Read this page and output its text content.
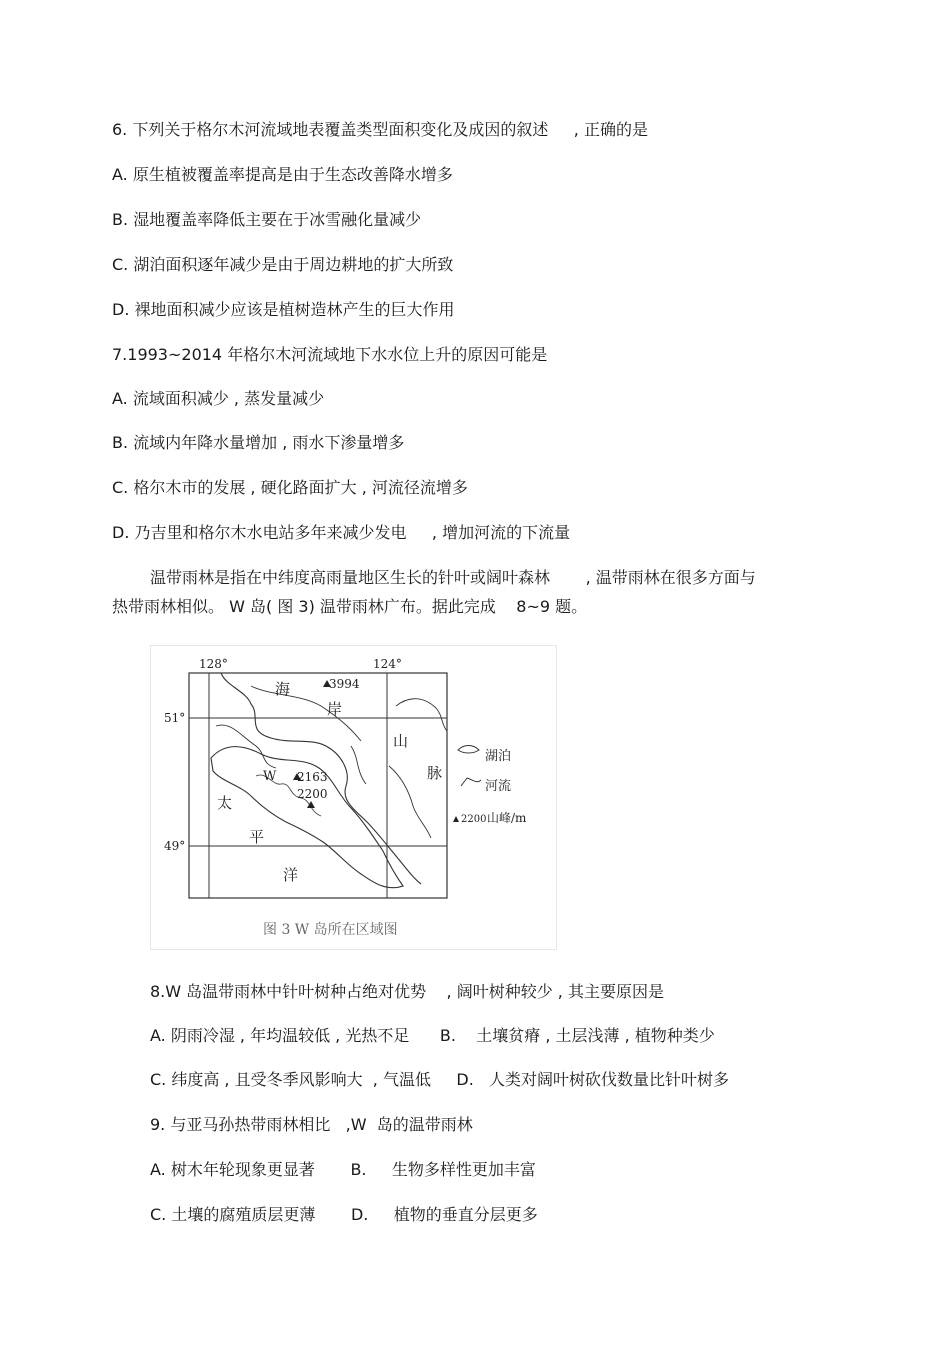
6. 下列关于格尔木河流域地表覆盖类型面积变化及成因的叙述     , 正确的是
A. 原生植被覆盖率提高是由于生态改善降水增多
B. 湿地覆盖率降低主要在于冰雪融化量减少
C. 湖泊面积逐年减少是由于周边耕地的扩大所致
D. 裸地面积减少应该是植树造林产生的巨大作用
7.1993~2014 年格尔木河流域地下水水位上升的原因可能是
A. 流域面积减少 , 蒸发量减少
B. 流域内年降水量增加 , 雨水下渗量增多
C. 格尔木市的发展 , 硬化路面扩大 , 河流径流增多
D. 乃吉里和格尔木水电站多年来减少发电     , 增加河流的下流量
温带雨林是指在中纬度高雨量地区生长的针叶或阔叶森林       , 温带雨林在很多方面与
热带雨林相似。 W 岛( 图 3) 温带雨林广布。据此完成    8~9 题。
128°	124°
51°
49°
海
岸
山
脉
太
平
洋
W
3994
2163
2200
湖泊
河流
2200 山峰/m
图 3 W 岛所在区域图
8.W 岛温带雨林中针叶树种占绝对优势    , 阔叶树种较少 , 其主要原因是
A. 阴雨冷湿 , 年均温较低 , 光热不足      B.    土壤贫瘠 , 土层浅薄 , 植物种类少
C. 纬度高 , 且受冬季风影响大  , 气温低     D.   人类对阔叶树砍伐数量比针叶树多
9. 与亚马孙热带雨林相比   ,W  岛的温带雨林
A. 树木年轮现象更显著       B.     生物多样性更加丰富
C. 土壤的腐殖质层更薄       D.     植物的垂直分层更多
